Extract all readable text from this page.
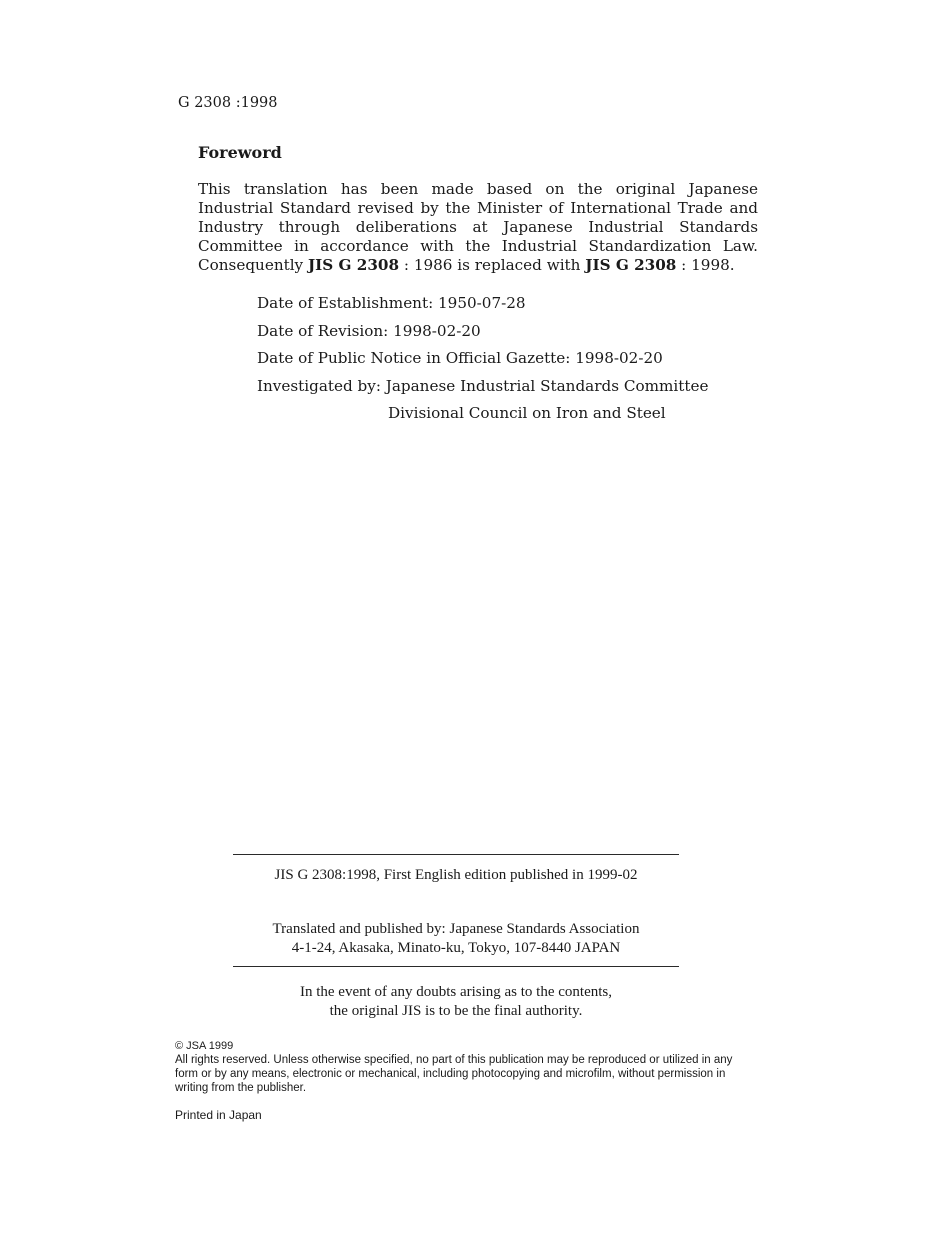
G 2308 :1998
Foreword
This translation has been made based on the original Japanese Industrial Standard revised by the Minister of International Trade and Industry through deliberations at Japanese Industrial Standards Committee in accordance with the Industrial Standardization Law. Consequently JIS G 2308 : 1986 is replaced with JIS G 2308 : 1998.
Date of Establishment: 1950-07-28
Date of Revision: 1998-02-20
Date of Public Notice in Official Gazette: 1998-02-20
Investigated by: Japanese Industrial Standards Committee
Divisional Council on Iron and Steel
JIS G 2308:1998, First English edition published in 1999-02
Translated and published by: Japanese Standards Association
4-1-24, Akasaka, Minato-ku, Tokyo, 107-8440 JAPAN
In the event of any doubts arising as to the contents,
the original JIS is to be the final authority.
© JSA 1999
All rights reserved. Unless otherwise specified, no part of this publication may be reproduced or utilized in any form or by any means, electronic or mechanical, including photocopying and microfilm, without permission in writing from the publisher.
Printed in Japan
